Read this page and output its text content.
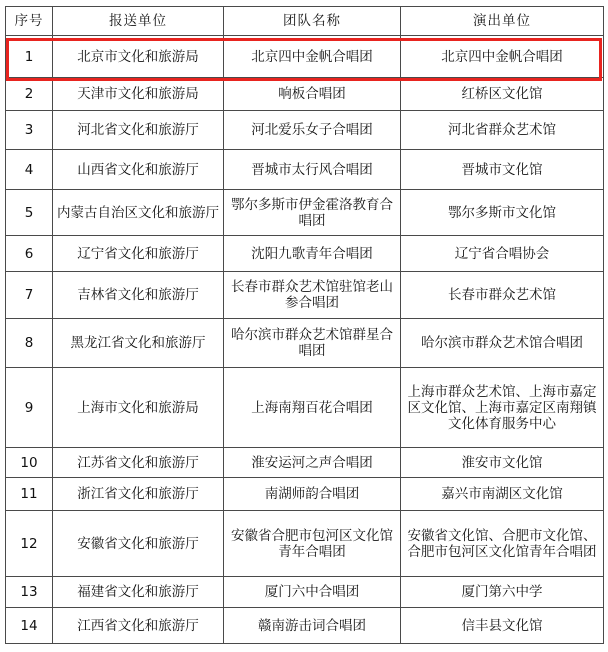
序号	报送单位	团队名称	演出单位
1	北京市文化和旅游局	北京四中金帆合唱团	北京四中金帆合唱团
2	天津市文化和旅游局	响板合唱团	红桥区文化馆
3	河北省文化和旅游厅	河北爱乐女子合唱团	河北省群众艺术馆
4	山西省文化和旅游厅	晋城市太行风合唱团	晋城市文化馆
5	内蒙古自治区文化和旅游厅	鄂尔多斯市伊金霍洛教育合唱团	鄂尔多斯市文化馆
6	辽宁省文化和旅游厅	沈阳九歌青年合唱团	辽宁省合唱协会
7	吉林省文化和旅游厅	长春市群众艺术馆驻馆老山参合唱团	长春市群众艺术馆
8	黑龙江省文化和旅游厅	哈尔滨市群众艺术馆群星合唱团	哈尔滨市群众艺术馆合唱团
9	上海市文化和旅游局	上海南翔百花合唱团	上海市群众艺术馆、上海市嘉定区文化馆、上海市嘉定区南翔镇文化体育服务中心
10	江苏省文化和旅游厅	淮安运河之声合唱团	淮安市文化馆
11	浙江省文化和旅游厅	南湖师韵合唱团	嘉兴市南湖区文化馆
12	安徽省文化和旅游厅	安徽省合肥市包河区文化馆青年合唱团	安徽省文化馆、合肥市文化馆、合肥市包河区文化馆青年合唱团
13	福建省文化和旅游厅	厦门六中合唱团	厦门第六中学
14	江西省文化和旅游厅	赣南游击词合唱团	信丰县文化馆
